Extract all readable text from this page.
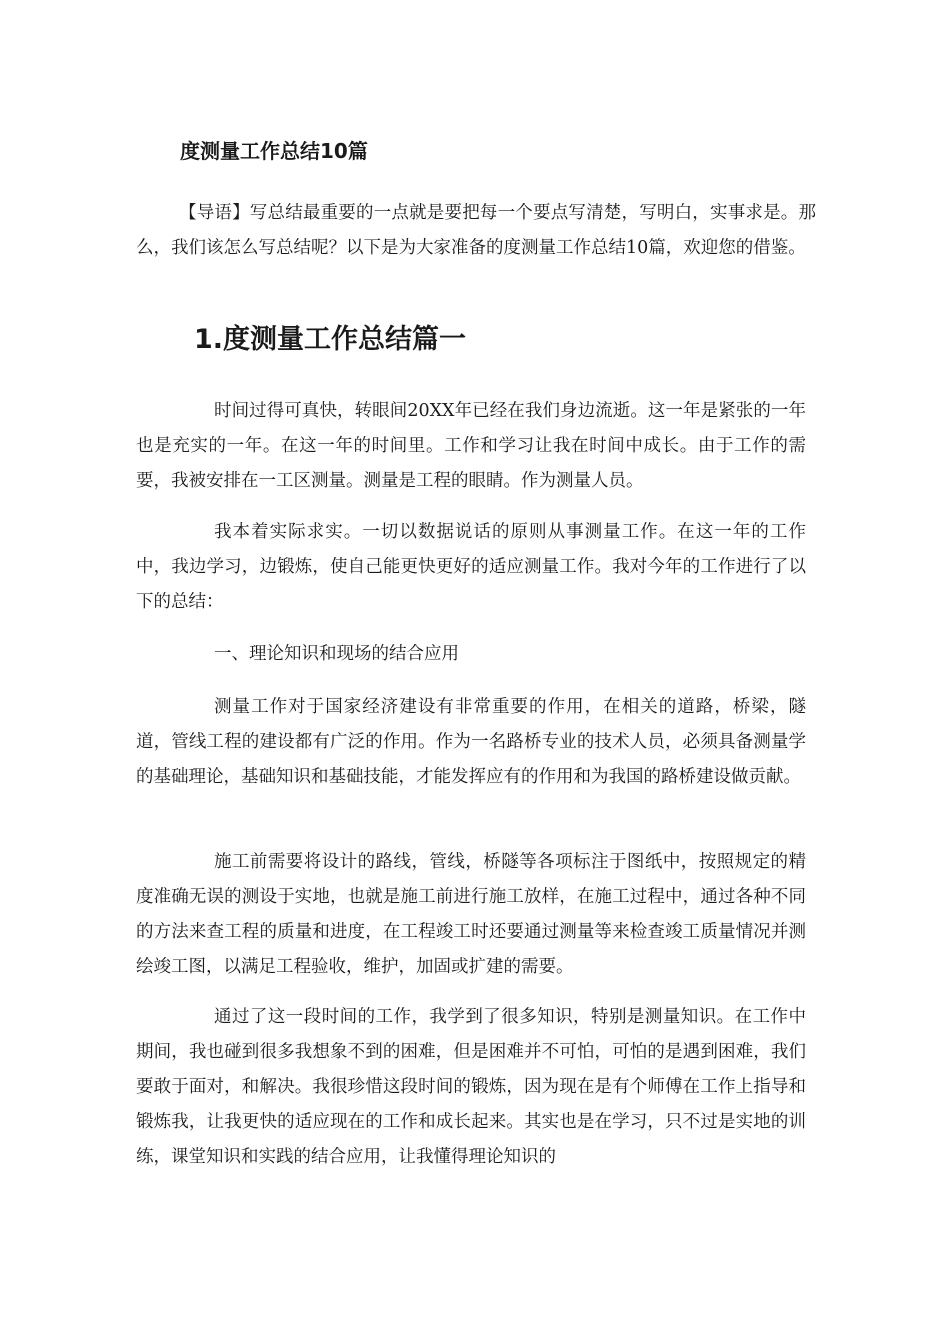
度测量工作总结10篇

【导语】写总结最重要的一点就是要把每一个要点写清楚，写明白，实事求是。那么，我们该怎么写总结呢？以下是为大家准备的度测量工作总结10篇，欢迎您的借鉴。

1.度测量工作总结篇一

时间过得可真快，转眼间20XX年已经在我们身边流逝。这一年是紧张的一年也是充实的一年。在这一年的时间里。工作和学习让我在时间中成长。由于工作的需要，我被安排在一工区测量。测量是工程的眼睛。作为测量人员。

我本着实际求实。一切以数据说话的原则从事测量工作。在这一年的工作中，我边学习，边锻炼，使自己能更快更好的适应测量工作。我对今年的工作进行了以下的总结：

一、理论知识和现场的结合应用

测量工作对于国家经济建设有非常重要的作用，在相关的道路，桥梁，隧道，管线工程的建设都有广泛的作用。作为一名路桥专业的技术人员，必须具备测量学的基础理论，基础知识和基础技能，才能发挥应有的作用和为我国的路桥建设做贡献。

施工前需要将设计的路线，管线，桥隧等各项标注于图纸中，按照规定的精度准确无误的测设于实地，也就是施工前进行施工放样，在施工过程中，通过各种不同的方法来查工程的质量和进度，在工程竣工时还要通过测量等来检查竣工质量情况并测绘竣工图，以满足工程验收，维护，加固或扩建的需要。

通过了这一段时间的工作，我学到了很多知识，特别是测量知识。在工作中期间，我也碰到很多我想象不到的困难，但是困难并不可怕，可怕的是遇到困难，我们要敢于面对，和解决。我很珍惜这段时间的锻炼，因为现在是有个师傅在工作上指导和锻炼我，让我更快的适应现在的工作和成长起来。其实也是在学习，只不过是实地的训练，课堂知识和实践的结合应用，让我懂得理论知识的
